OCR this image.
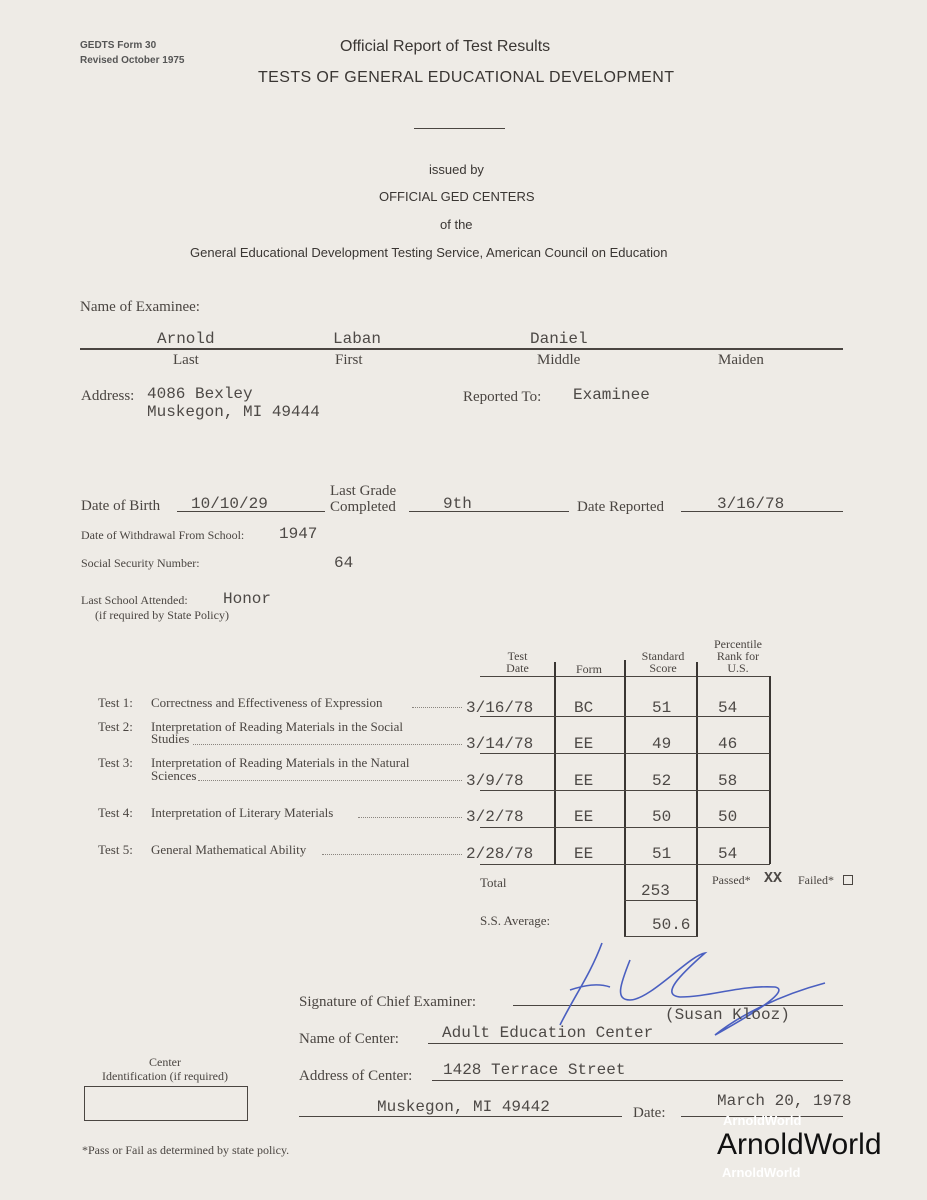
GEDTS Form 30
Revised October 1975
Official Report of Test Results
TESTS OF GENERAL EDUCATIONAL DEVELOPMENT
issued by
OFFICIAL GED CENTERS
of the
General Educational Development Testing Service, American Council on Education
Name of Examinee:
Arnold	Laban	Daniel
Last	First	Middle	Maiden
Address: 4086 Bexley
Muskegon, MI 49444
Reported To: Examinee
Date of Birth 10/10/29
Last Grade
Completed	9th	Date Reported	3/16/78
Date of Withdrawal From School: 1947
Social Security Number:	64
Last School Attended: Honor
(if required by State Policy)
Test
Date	Form
Standard
Score
Percentile
Rank for
U.S.
Test 1: Correctness and Effectiveness of Expression	3/16/78	BC	51	54
Test 2: Interpretation of Reading Materials in the Social
Studies	3/14/78	EE	49	46
Test 3: Interpretation of Reading Materials in the Natural
Sciences	3/9/78	EE	52	58
Test 4: Interpretation of Literary Materials	3/2/78	EE	50	50
Test 5: General Mathematical Ability	2/28/78	EE	51	54
Total	253
S.S. Average:	50.6
Passed* XX Failed*
Signature of Chief Examiner:
(Susan Klooz)
Name of Center:	Adult Education Center
Center
Identification (if required)	Address of Center: 1428 Terrace Street
Muskegon, MI 49442	Date:
March 20, 1978
*Pass or Fail as determined by state policy.
ArnoldWorld
ArnoldWorld
ArnoldWorld
